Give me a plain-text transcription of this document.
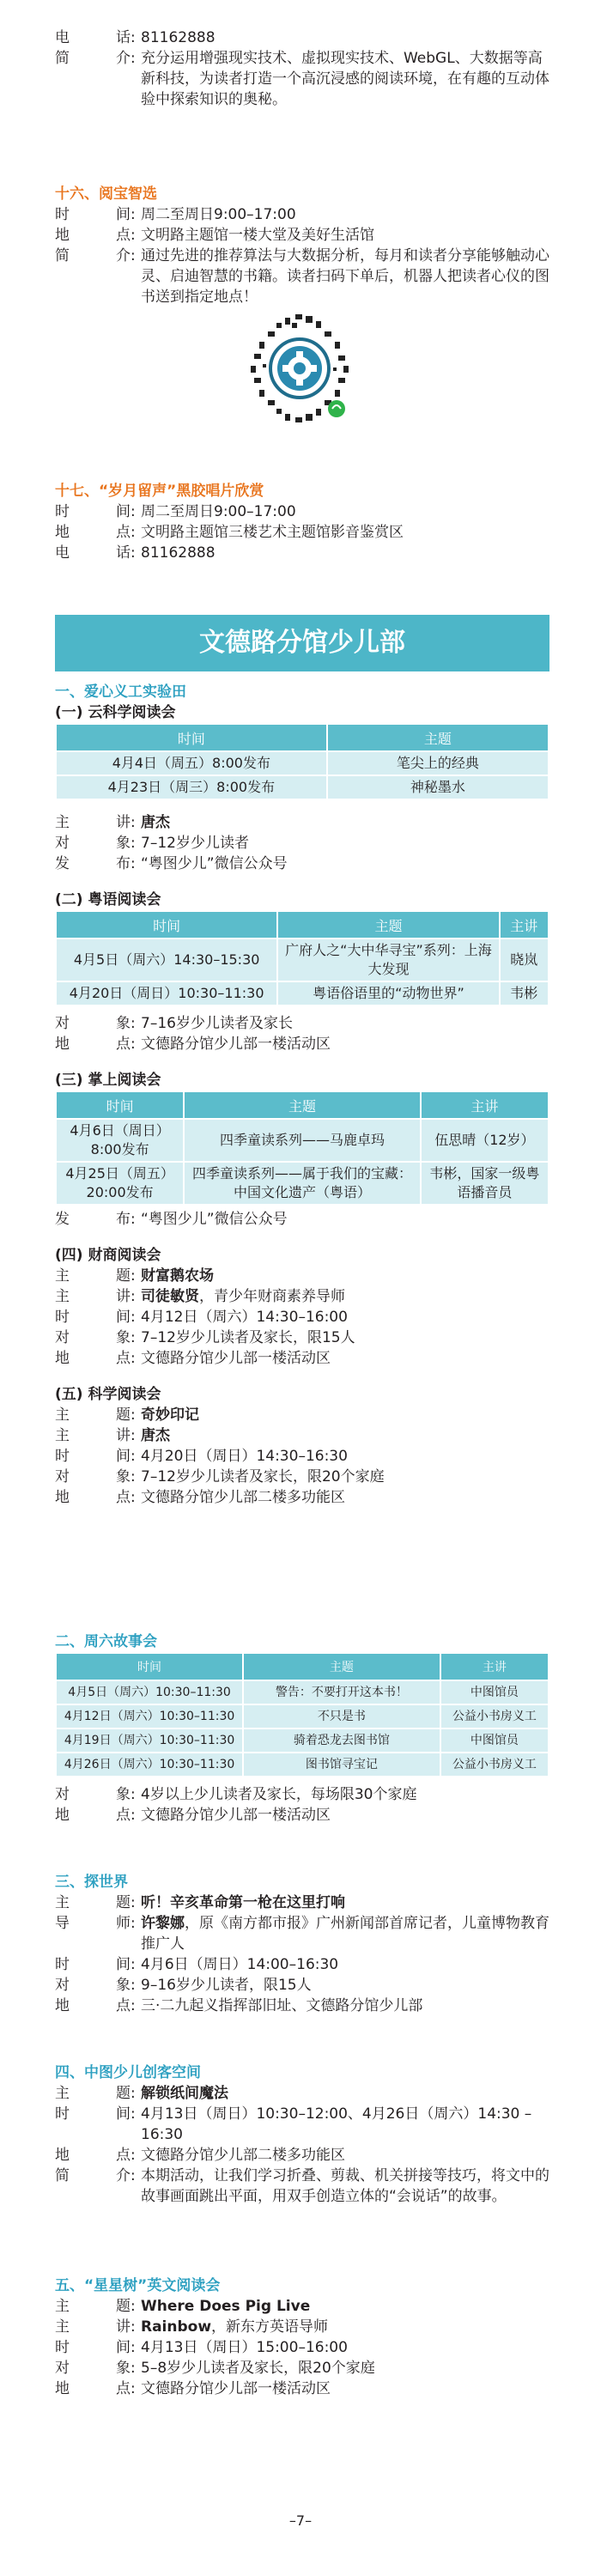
电	话 : 81162888
简	介 : 充分运用增强现实技术、虚拟现实技术、WebGL、大数据等高新科技，为读者打造一个高沉浸感的阅读环境，在有趣的互动体验中探索知识的奥秘。
十六、阅宝智选
时	间 : 周二至周日9:00–17:00
地	点 : 文明路主题馆一楼大堂及美好生活馆
简	介 : 通过先进的推荐算法与大数据分析，每月和读者分享能够触动心灵、启迪智慧的书籍。读者扫码下单后，机器人把读者心仪的图书送到指定地点！
十七、“岁月留声”黑胶唱片欣赏
时	间 : 周二至周日9:00–17:00
地	点 : 文明路主题馆三楼艺术主题馆影音鉴赏区
电	话 : 81162888
文德路分馆少儿部
一、爱心义工实验田
(一) 云科学阅读会
时间	主题
4月4日（周五）8:00发布	笔尖上的经典
4月23日（周三）8:00发布	神秘墨水
主	讲 : 唐杰
对	象 : 7–12岁少儿读者
发	布 : “粤图少儿”微信公众号
(二) 粤语阅读会
时间	主题	主讲
4月5日（周六）14:30–15:30	广府人之“大中华寻宝”系列：上海大发现	晓岚
4月20日（周日）10:30–11:30	粤语俗语里的“动物世界”	韦彬
对	象 : 7–16岁少儿读者及家长
地	点 : 文德路分馆少儿部一楼活动区
(三) 掌上阅读会
时间	主题	主讲
4月6日（周日）8:00发布	四季童读系列——马鹿卓玛	伍思晴（12岁）
4月25日（周五）20:00发布	四季童读系列——属于我们的宝藏：中国文化遗产（粤语）	韦彬，国家一级粤语播音员
发	布 : “粤图少儿”微信公众号
(四) 财商阅读会
主	题 : 财富鹅农场
主	讲 : 司徒敏贤，青少年财商素养导师
时	间 : 4月12日（周六）14:30–16:00
对	象 : 7–12岁少儿读者及家长，限15人
地	点 : 文德路分馆少儿部一楼活动区
(五) 科学阅读会
主	题 : 奇妙印记
主	讲 : 唐杰
时	间 : 4月20日（周日）14:30–16:30
对	象 : 7–12岁少儿读者及家长，限20个家庭
地	点 : 文德路分馆少儿部二楼多功能区
二、周六故事会
时间	主题	主讲
4月5日（周六）10:30–11:30	警告：不要打开这本书！	中图馆员
4月12日（周六）10:30–11:30	不只是书	公益小书房义工
4月19日（周六）10:30–11:30	骑着恐龙去图书馆	中图馆员
4月26日（周六）10:30–11:30	图书馆寻宝记	公益小书房义工
对	象 : 4岁以上少儿读者及家长，每场限30个家庭
地	点 : 文德路分馆少儿部一楼活动区
三、探世界
主	题 : 听！辛亥革命第一枪在这里打响
导	师 : 许黎娜，原《南方都市报》广州新闻部首席记者，儿童博物教育推广人
时	间 : 4月6日（周日）14:00–16:30
对	象 : 9–16岁少儿读者，限15人
地	点 : 三·二九起义指挥部旧址、文德路分馆少儿部
四、中图少儿创客空间
主	题 : 解锁纸间魔法
时	间 : 4月13日（周日）10:30–12:00、4月26日（周六）14:30 – 16:30
地	点 : 文德路分馆少儿部二楼多功能区
简	介 : 本期活动，让我们学习折叠、剪裁、机关拼接等技巧，将文中的故事画面跳出平面，用双手创造立体的“会说话”的故事。
五、“星星树”英文阅读会
主	题 : Where Does Pig Live
主	讲 : Rainbow，新东方英语导师
时	间 : 4月13日（周日）15:00–16:00
对	象 : 5–8岁少儿读者及家长，限20个家庭
地	点 : 文德路分馆少儿部一楼活动区
–7–
